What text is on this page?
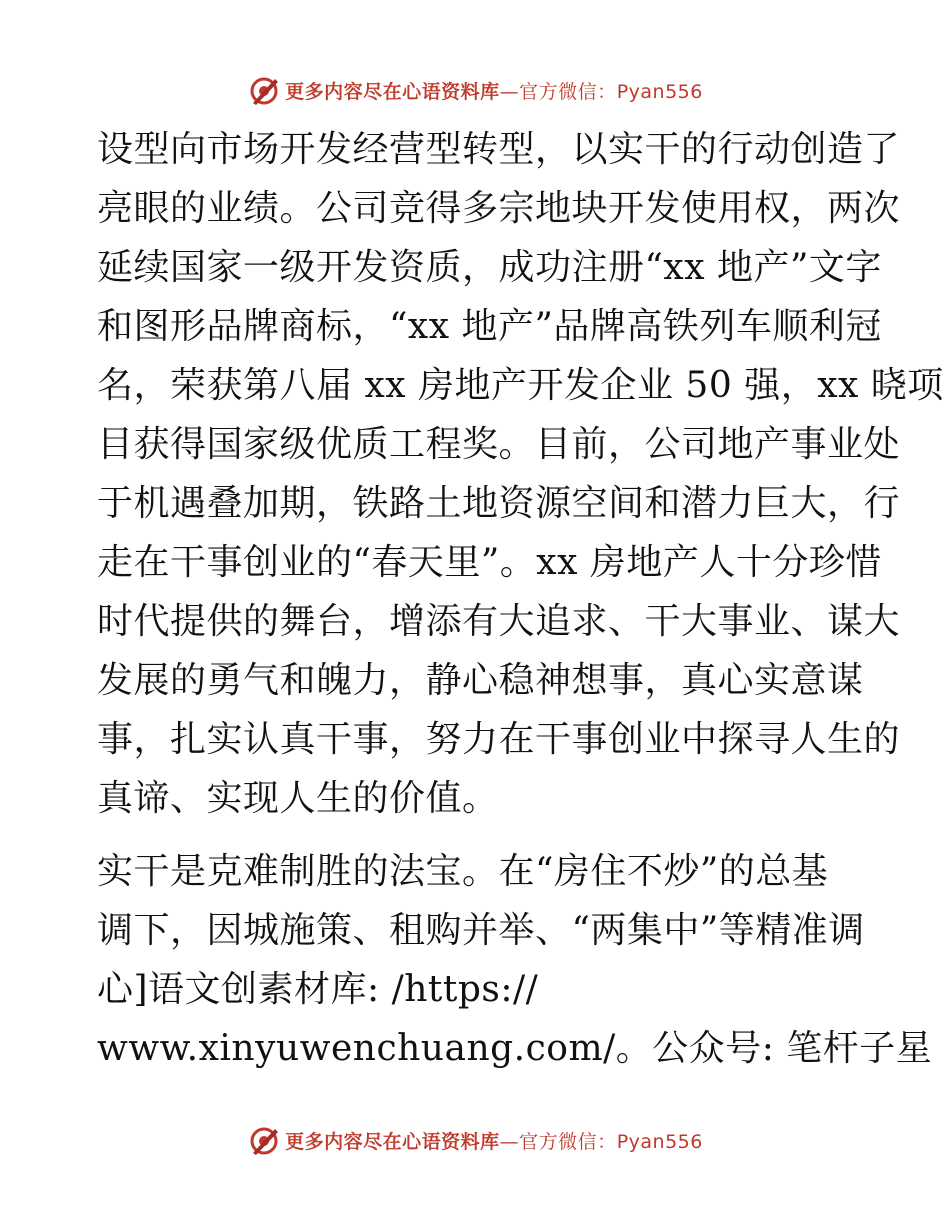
更多内容尽在心语资料库—官方微信：Pyan556
设型向市场开发经营型转型，以实干的行动创造了
亮眼的业绩。公司竞得多宗地块开发使用权，两次
延续国家一级开发资质，成功注册“xx 地产”文字
和图形品牌商标，“xx 地产”品牌高铁列车顺利冠
名，荣获第八届 xx 房地产开发企业 50 强，xx 晓项
目获得国家级优质工程奖。目前，公司地产事业处
于机遇叠加期，铁路土地资源空间和潜力巨大，行
走在干事创业的“春天里”。xx 房地产人十分珍惜
时代提供的舞台，增添有大追求、干大事业、谋大
发展的勇气和魄力，静心稳神想事，真心实意谋
事，扎实认真干事，努力在干事创业中探寻人生的
真谛、实现人生的价值。
实干是克难制胜的法宝。在“房住不炒”的总基
调下，因城施策、租购并举、“两集中”等精准调
心]语文创素材库: /https://
www.xinyuwenchuang.com/。公众号: 笔杆子星
更多内容尽在心语资料库—官方微信：Pyan556
